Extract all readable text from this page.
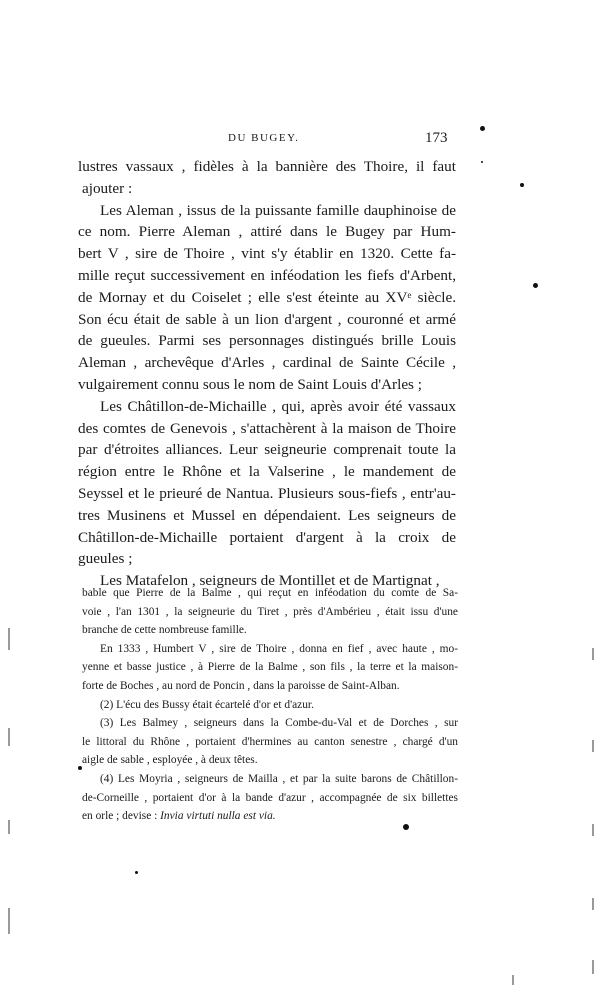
DU BUGEY.	173
lustres vassaux , fidèles à la bannière des Thoire, il faut
ajouter :
Les Aleman , issus de la puissante famille dauphinoise de
ce nom. Pierre Aleman , attiré dans le Bugey par Hum-
bert V , sire de Thoire , vint s'y établir en 1320. Cette fa-
mille reçut successivement en inféodation les fiefs d'Arbent,
de Mornay et du Coiselet ; elle s'est éteinte au XVᵉ siècle.
Son écu était de sable à un lion d'argent , couronné et armé
de gueules. Parmi ses personnages distingués brille Louis
Aleman , archevêque d'Arles , cardinal de Sainte Cécile ,
vulgairement connu sous le nom de Saint Louis d'Arles ;
Les Châtillon-de-Michaille , qui, après avoir été vassaux
des comtes de Genevois , s'attachèrent à la maison de Thoire
par d'étroites alliances. Leur seigneurie comprenait toute la
région entre le Rhône et la Valserine , le mandement de
Seyssel et le prieuré de Nantua. Plusieurs sous-fiefs , entr'au-
tres Musinens et Mussel en dépendaient. Les seigneurs de
Châtillon-de-Michaille portaient d'argent à la croix de
gueules ;
Les Matafelon , seigneurs de Montillet et de Martignat ,
bable que Pierre de la Balme , qui reçut en inféodation du comte de Sa-
voie , l'an 1301 , la seigneurie du Tiret , près d'Ambérieu , était issu d'une
branche de cette nombreuse famille.
En 1333 , Humbert V , sire de Thoire , donna en fief , avec haute , mo-
yenne et basse justice , à Pierre de la Balme , son fils , la terre et la maison-
forte de Boches , au nord de Poncin , dans la paroisse de Saint-Alban.
(2) L'écu des Bussy était écartelé d'or et d'azur.
(3) Les Balmey , seigneurs dans la Combe-du-Val et de Dorches , sur
le littoral du Rhône , portaient d'hermines au canton senestre , chargé d'un
aigle de sable , esployée , à deux têtes.
(4) Les Moyria , seigneurs de Mailla , et par la suite barons de Châtillon-
de-Corneille , portaient d'or à la bande d'azur , accompagnée de six billettes
en orle ; devise : Invia virtuti nulla est via.
